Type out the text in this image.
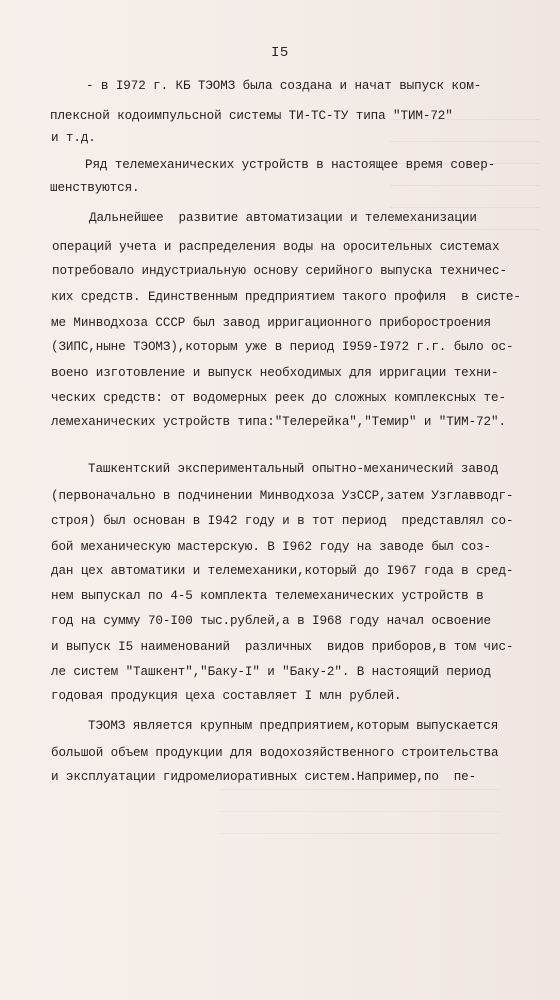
I5
- в I972 г. КБ ТЭОМЗ была создана и начат выпуск ком-
плексной кодоимпульсной системы ТИ-ТС-ТУ типа "ТИМ-72"
и т.д.
Ряд телемеханических устройств в настоящее время совер-
шенствуются.
Дальнейшее  развитие автоматизации и телемеханизации
операций учета и распределения воды на оросительных системах
потребовало индустриальную основу серийного выпуска техничес-
ких средств. Единственным предприятием такого профиля  в систе-
ме Минводхоза СССР был завод ирригационного приборостроения
(ЗИПС,ныне ТЭОМЗ),которым уже в период I959-I972 г.г. было ос-
воено изготовление и выпуск необходимых для ирригации техни-
ческих средств: от водомерных реек до сложных комплексных те-
лемеханических устройств типа:"Телерейка","Темир" и "ТИМ-72".
Ташкентский экспериментальный опытно-механический завод
(первоначально в подчинении Минводхоза УзССР,затем Узглавводг-
строя) был основан в I942 году и в тот период  представлял со-
бой механическую мастерскую. В I962 году на заводе был соз-
дан цех автоматики и телемеханики,который до I967 года в сред-
нем выпускал по 4-5 комплекта телемеханических устройств в
год на сумму 70-I00 тыс.рублей,а в I968 году начал освоение
и выпуск I5 наименований  различных  видов приборов,в том чис-
ле систем "Ташкент","Баку-I" и "Баку-2". В настоящий период
годовая продукция цеха составляет I млн рублей.
ТЭОМЗ является крупным предприятием,которым выпускается
большой объем продукции для водохозяйственного строительства
и эксплуатации гидромелиоративных систем.Например,по  пе-
